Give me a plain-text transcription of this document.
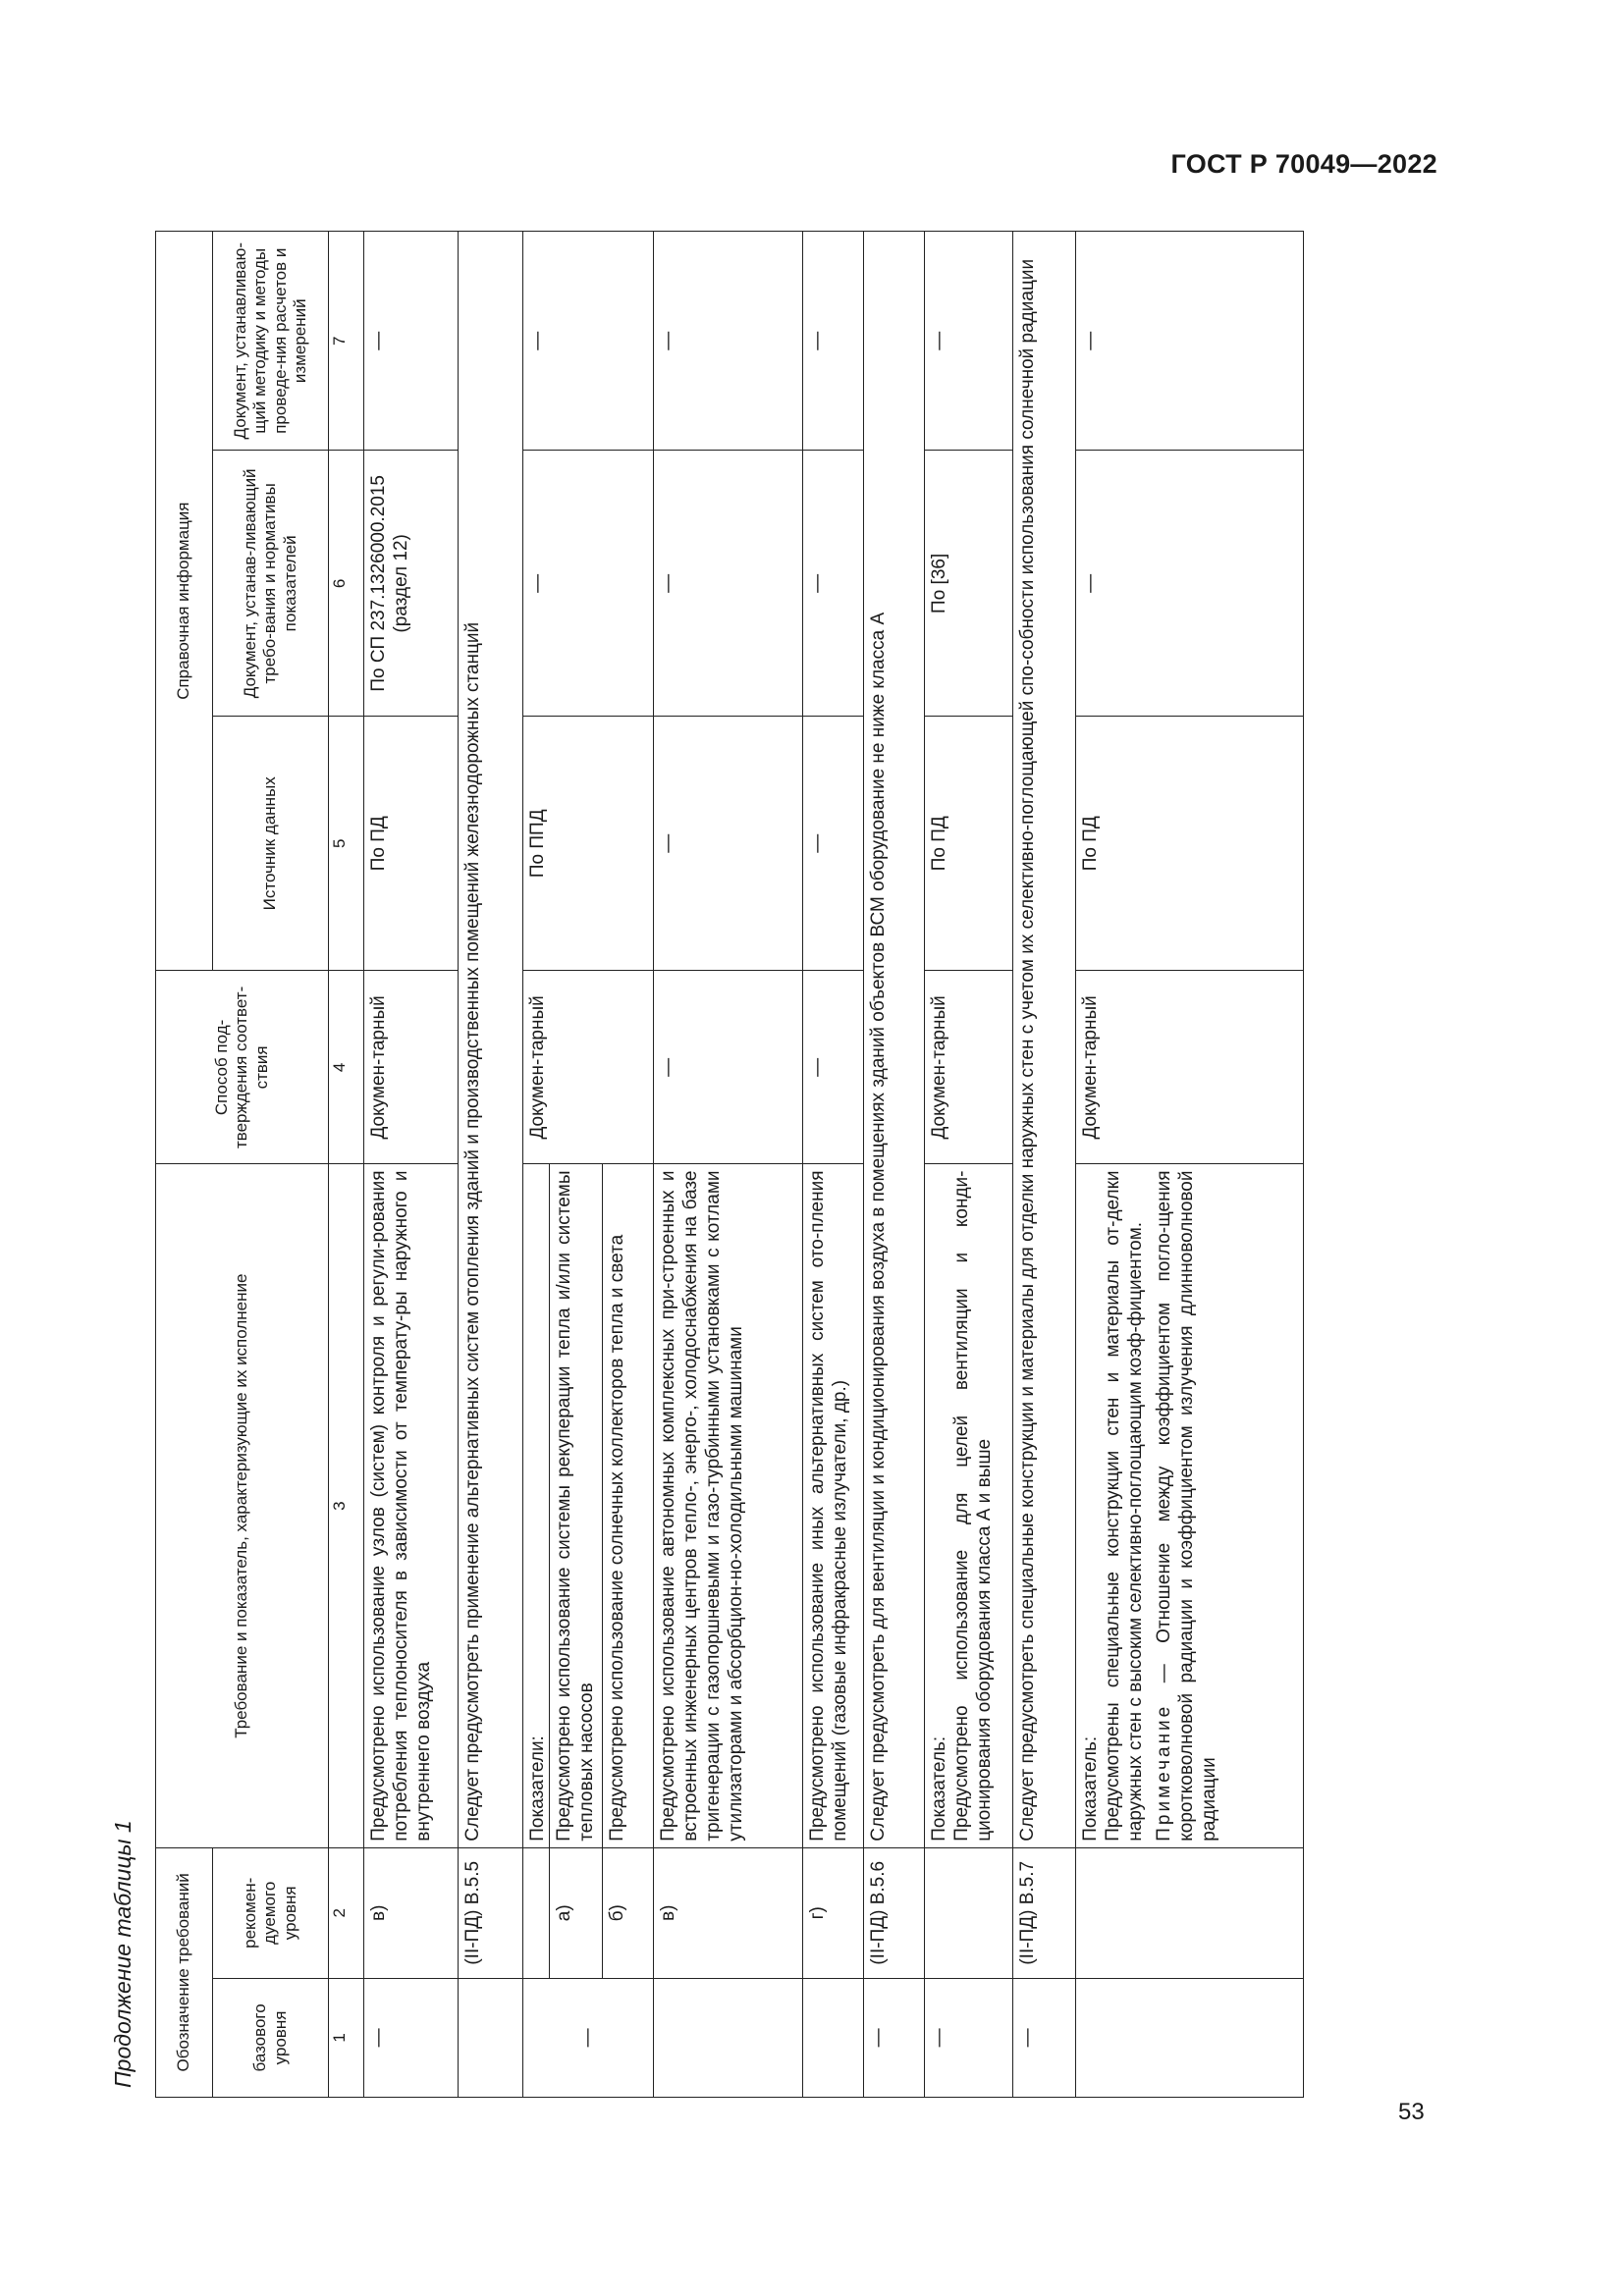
ГОСТ Р 70049—2022
53
Продолжение таблицы 1 Обозначение требований		Требование и показатель, характеризующие их исполнение	Способ под-тверждения соответ-ствия	Справочная информация		
базового уровня	рекомен-дуемого уровня			Источник данных	Документ, устанав-ливающий требо-вания и нормативы показателей	Документ, устанавливаю-щий методику и методы проведе-ния расчетов и измерений
1	2	3	4	5	6	7
—	в)	Предусмотрено использование узлов (систем) контроля и регули-рования потребления теплоносителя в зависимости от температу-ры наружного и внутреннего воздуха	Докумен-тарный	По ПД	По СП 237.1326000.2015 (раздел 12)	—
	(II-ПД) В.5.5	Следует предусмотреть применение альтернативных систем отопления зданий и производственных помещений железнодорожных станций				
—		Показатели:	Докумен-тарный	По ППД	—	—
	а)	Предусмотрено использование системы рекуперации тепла и/или системы тепловых насосов				
	б)	Предусмотрено использование солнечных коллекторов тепла и света				
	в)	Предусмотрено использование автономных комплексных при-строенных и встроенных инженерных центров тепло-, энерго-, холодоснабжения на базе тригенерации с газопоршневыми и газо-турбинными установками с котлами утилизаторами и абсорбцион-но-холодильными машинами	—	—	—	—
	г)	Предусмотрено использование иных альтернативных систем ото-пления помещений (газовые инфракрасные излучатели, др.)	—	—	—	—
—	(II-ПД) В.5.6	Следует предусмотреть для вентиляции и кондиционирования воздуха в помещениях зданий объектов ВСМ оборудование не ниже класса А				
—		Показатель: Предусмотрено использование для целей вентиляции и конди-ционирования оборудования класса А и выше	Докумен-тарный	По ПД	По [36]	—
—	(II-ПД) В.5.7	Следует предусмотреть специальные конструкции и материалы для отделки наружных стен с учетом их селективно-поглощающей спо-собности использования солнечной радиации				

		Показатель: Предусмотрены специальные конструкции стен и материалы от-делки наружных стен с высоким селективно-поглощающим коэф-фициентом. Примечание — Отношение между коэффициентом погло-щения коротковолновой радиации и коэффициентом излучения длинноволновой радиации	Докумен-тарный	По ПД	—	—
